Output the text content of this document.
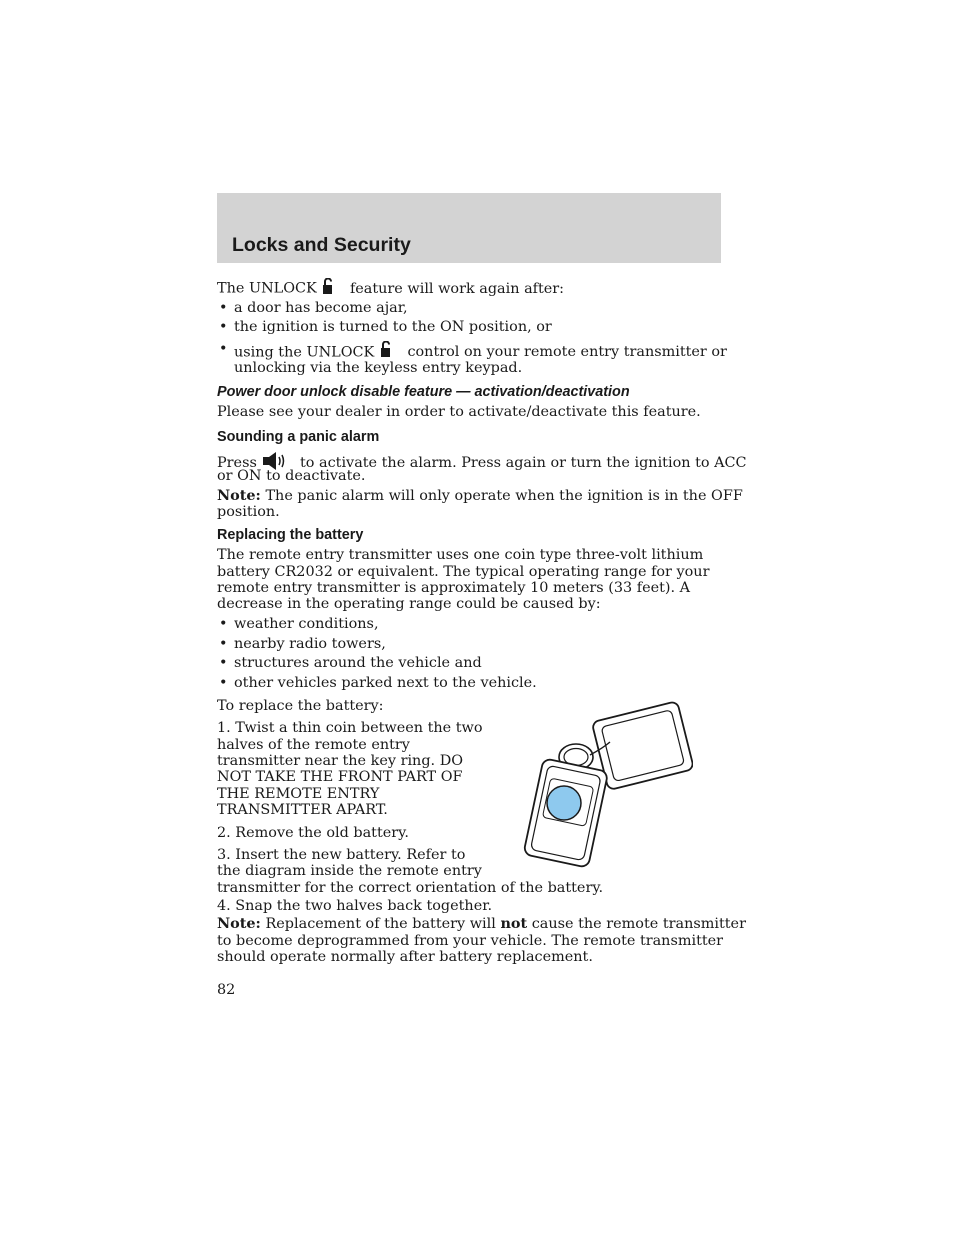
Locks and Security
The UNLOCK feature will work again after:
• a door has become ajar,
• the ignition is turned to the ON position, or
• using the UNLOCK control on your remote entry transmitter or
unlocking via the keyless entry keypad.
Power door unlock disable feature — activation/deactivation
Please see your dealer in order to activate/deactivate this feature.
Sounding a panic alarm
Press	to activate the alarm. Press again or turn the ignition to ACC
or ON to deactivate.
Note: The panic alarm will only operate when the ignition is in the OFF
position.
Replacing the battery
The remote entry transmitter uses one coin type three-volt lithium
battery CR2032 or equivalent. The typical operating range for your
remote entry transmitter is approximately 10 meters (33 feet). A
decrease in the operating range could be caused by:
• weather conditions,
• nearby radio towers,
• structures around the vehicle and
• other vehicles parked next to the vehicle.
To replace the battery:
1. Twist a thin coin between the two
halves of the remote entry
transmitter near the key ring. DO
NOT TAKE THE FRONT PART OF
THE REMOTE ENTRY
TRANSMITTER APART.
2. Remove the old battery.
3. Insert the new battery. Refer to
the diagram inside the remote entry
transmitter for the correct orientation of the battery.
4. Snap the two halves back together.
Note: Replacement of the battery will not cause the remote transmitter
to become deprogrammed from your vehicle. The remote transmitter
should operate normally after battery replacement.
82
